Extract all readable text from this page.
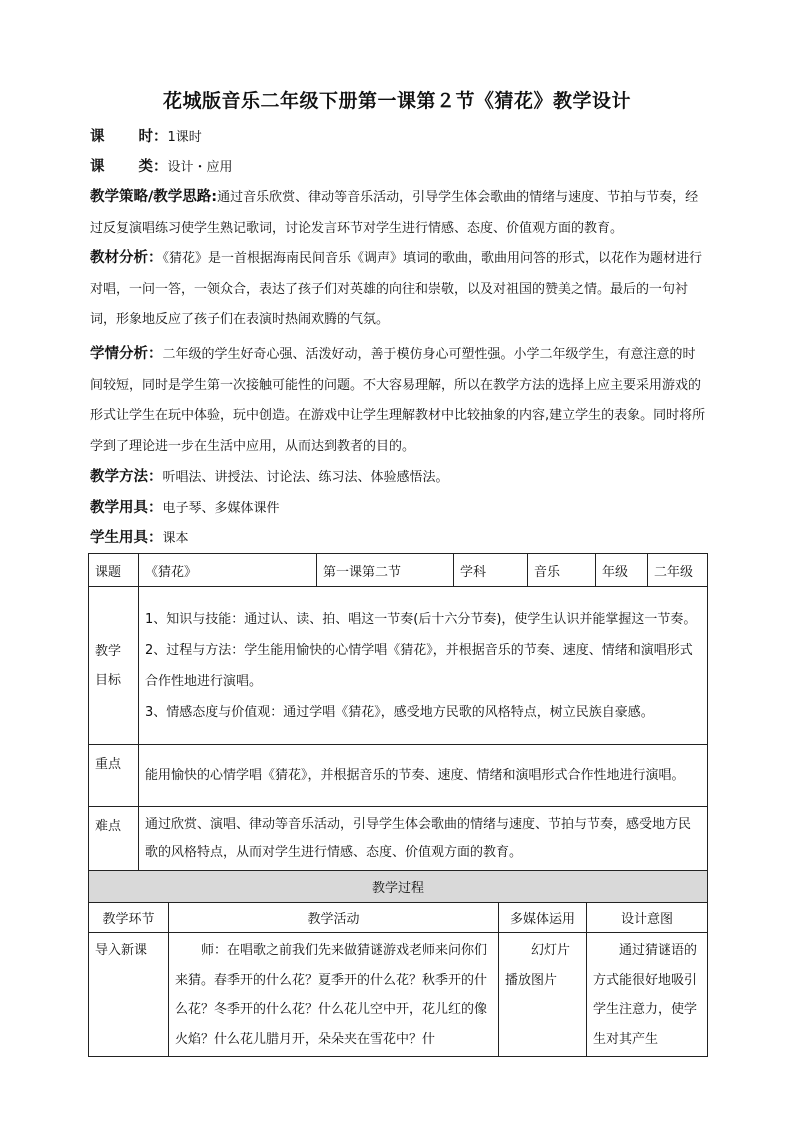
花城版音乐二年级下册第一课第２节《猜花》教学设计

课 时：1课时

课 类：设计・应用

教学策略/教学思路:通过音乐欣赏、律动等音乐活动，引导学生体会歌曲的情绪与速度、节拍与节奏，经过反复演唱练习使学生熟记歌词，讨论发言环节对学生进行情感、态度、价值观方面的教育。

教材分析：《猜花》是一首根据海南民间音乐《调声》填词的歌曲，歌曲用问答的形式，以花作为题材进行对唱，一问一答，一领众合，表达了孩子们对英雄的向往和崇敬，以及对祖国的赞美之情。最后的一句衬词，形象地反应了孩子们在表演时热闹欢腾的气氛。

学情分析：二年级的学生好奇心强、活泼好动，善于模仿身心可塑性强。小学二年级学生，有意注意的时间较短，同时是学生第一次接触可能性的问题。不大容易理解，所以在教学方法的选择上应主要采用游戏的形式让学生在玩中体验，玩中创造。在游戏中让学生理解教材中比较抽象的内容,建立学生的表象。同时将所学到了理论进一步在生活中应用，从而达到教者的目的。

教学方法：听唱法、讲授法、讨论法、练习法、体验感悟法。

教学用具：电子琴、多媒体课件

学生用具：课本

课题	《猜花》	第一课第二节	学科	音乐	年级	二年级
教学目标	1、知识与技能：通过认、读、拍、唱这一节奏(后十六分节奏)，使学生认识并能掌握这一节奏。
2、过程与方法：学生能用愉快的心情学唱《猜花》，并根据音乐的节奏、速度、情绪和演唱形式合作性地进行演唱。
3、情感态度与价值观：通过学唱《猜花》，感受地方民歌的风格特点，树立民族自豪感。					

重点	能用愉快的心情学唱《猜花》，并根据音乐的节奏、速度、情绪和演唱形式合作性地进行演唱。					
难点	通过欣赏、演唱、律动等音乐活动，引导学生体会歌曲的情绪与速度、节拍与节奏，感受地方民歌的风格特点，从而对学生进行情感、态度、价值观方面的教育。					
教学过程			
教学环节	教学活动	多媒体运用	设计意图
导入新课	师：在唱歌之前我们先来做猜谜游戏老师来问你们来猜。春季开的什么花？夏季开的什么花？秋季开的什么花？冬季开的什么花？什么花儿空中开，花儿红的像火焰？什么花儿腊月开，朵朵夹在雪花中？什	幻灯片播放图片	通过猜谜语的方式能很好地吸引学生注意力，使学生对其产生
